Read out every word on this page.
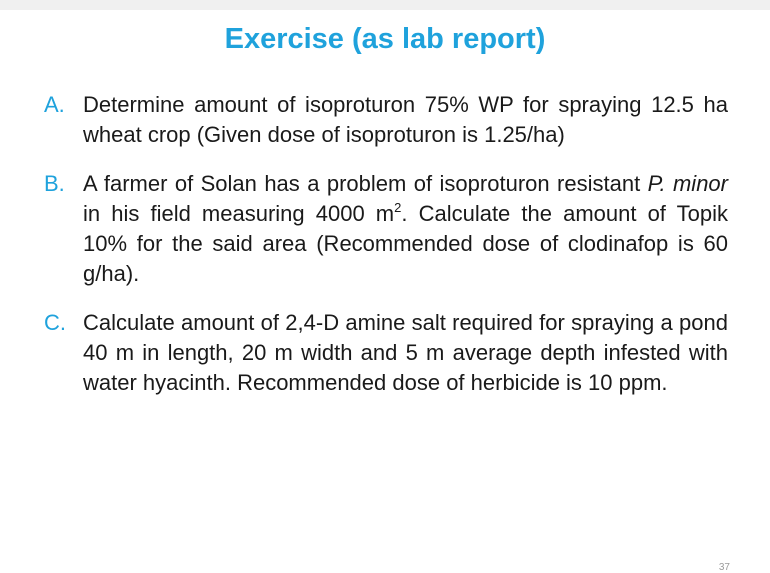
Exercise (as lab report)
A. Determine amount of isoproturon 75% WP for spraying 12.5 ha wheat crop (Given dose of isoproturon is 1.25/ha)
B. A farmer of Solan has a problem of isoproturon resistant P. minor in his field measuring 4000 $m^2$. Calculate the amount of Topik 10% for the said area (Recommended dose of clodinafop is 60 g/ha).
C. Calculate amount of 2,4-D amine salt required for spraying a pond 40 m in length, 20 m width and 5 m average depth infested with water hyacinth. Recommended dose of herbicide is 10 ppm.
37
